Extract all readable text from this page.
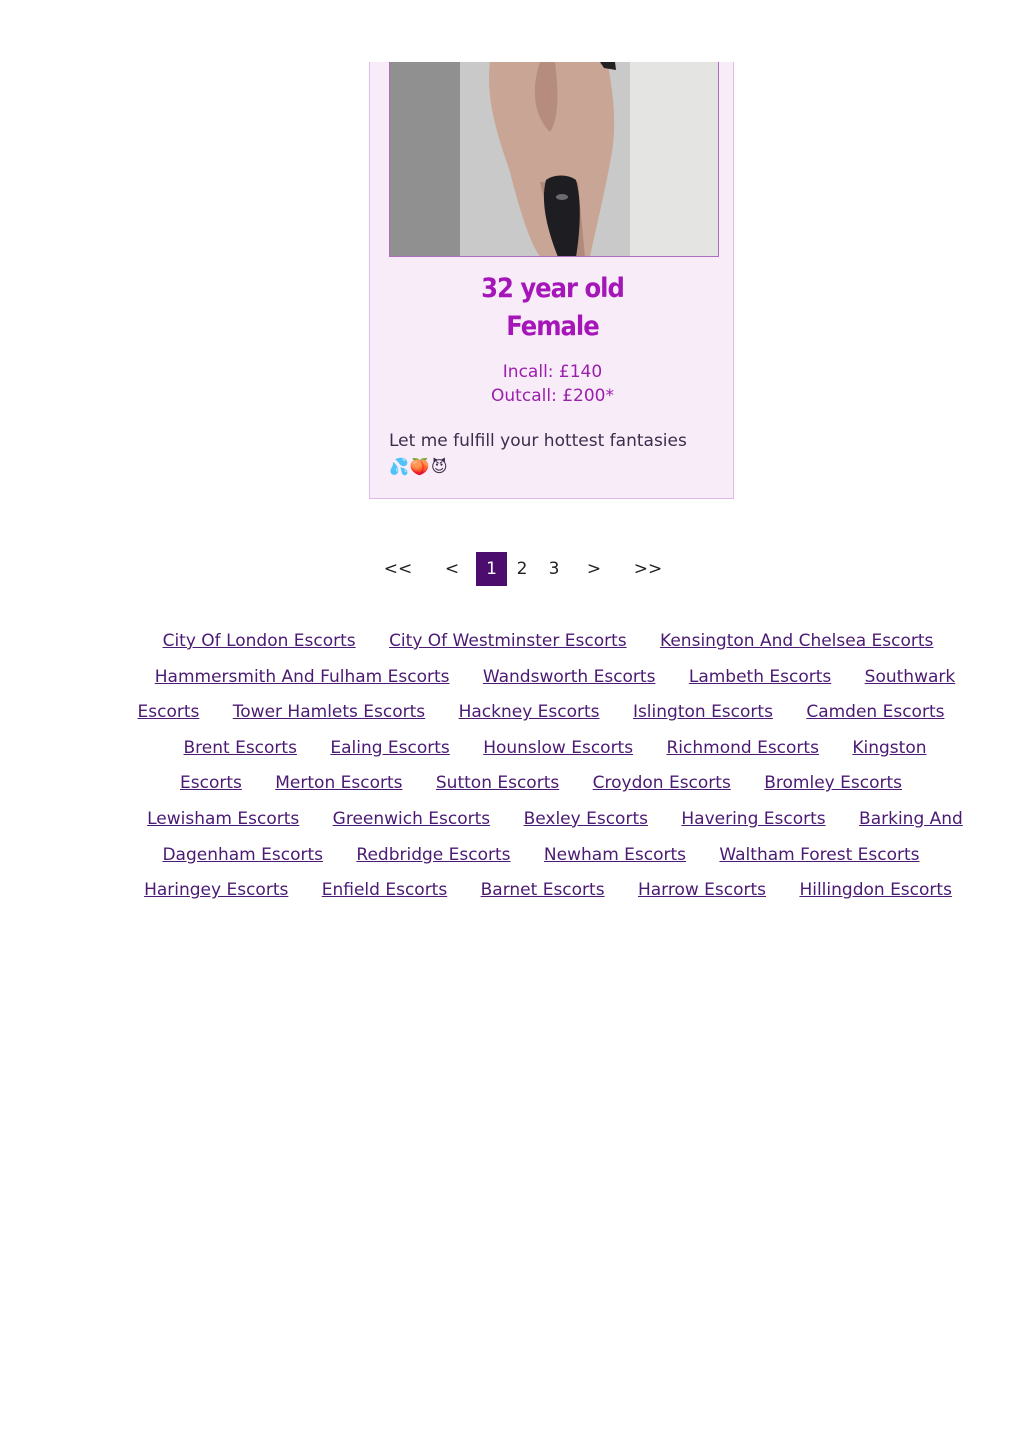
32 year old
Female
Incall: £140
Outcall: £200*
Let me fulfill your hottest fantasies
💦🍑😈
<< <	1	2	3	> >>
City Of London Escorts City Of Westminster Escorts Kensington And Chelsea Escorts Hammersmith And Fulham Escorts Wandsworth Escorts Lambeth Escorts Southwark Escorts Tower Hamlets Escorts Hackney Escorts Islington Escorts Camden Escorts Brent Escorts Ealing Escorts Hounslow Escorts Richmond Escorts Kingston Escorts Merton Escorts Sutton Escorts Croydon Escorts Bromley Escorts Lewisham Escorts Greenwich Escorts Bexley Escorts Havering Escorts Barking And Dagenham Escorts Redbridge Escorts Newham Escorts Waltham Forest Escorts Haringey Escorts Enfield Escorts Barnet Escorts Harrow Escorts Hillingdon Escorts
